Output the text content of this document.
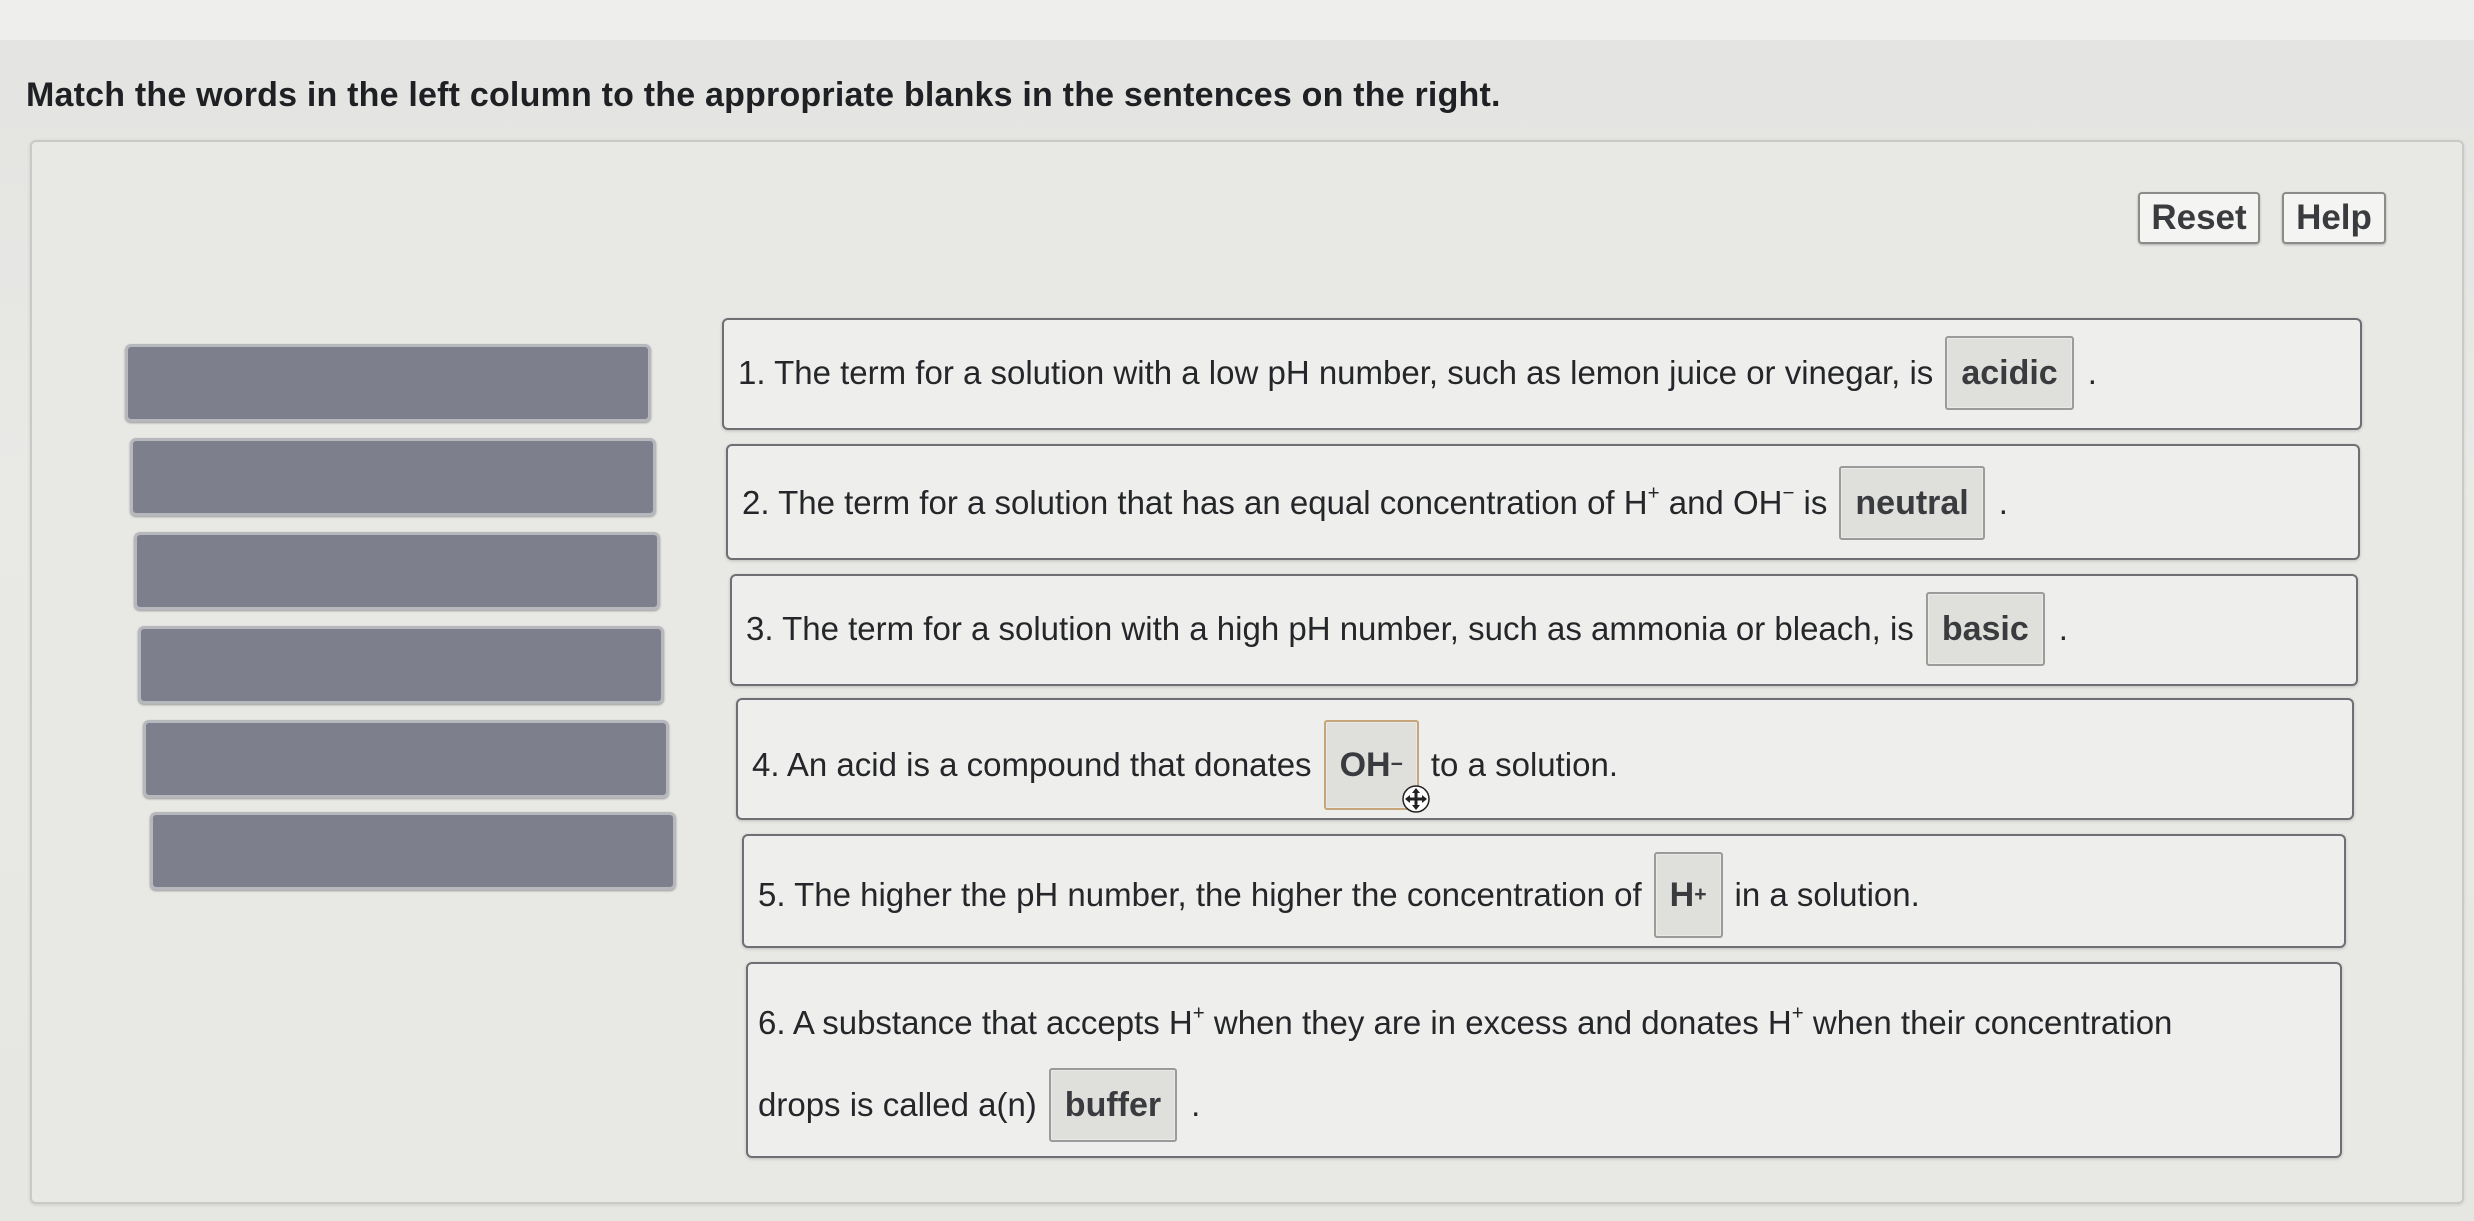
Match the words in the left column to the appropriate blanks in the sentences on the right.
Reset	Help
1. The term for a solution with a low pH number, such as lemon juice or vinegar, is acidic .
2. The term for a solution that has an equal concentration of H+ and OH− is neutral .
3. The term for a solution with a high pH number, such as ammonia or bleach, is basic .
4. An acid is a compound that donates OH − to a solution.
5. The higher the pH number, the higher the concentration of H + in a solution.
6. A substance that accepts H+ when they are in excess and donates H+ when their concentration
drops is called a(n) buffer .
